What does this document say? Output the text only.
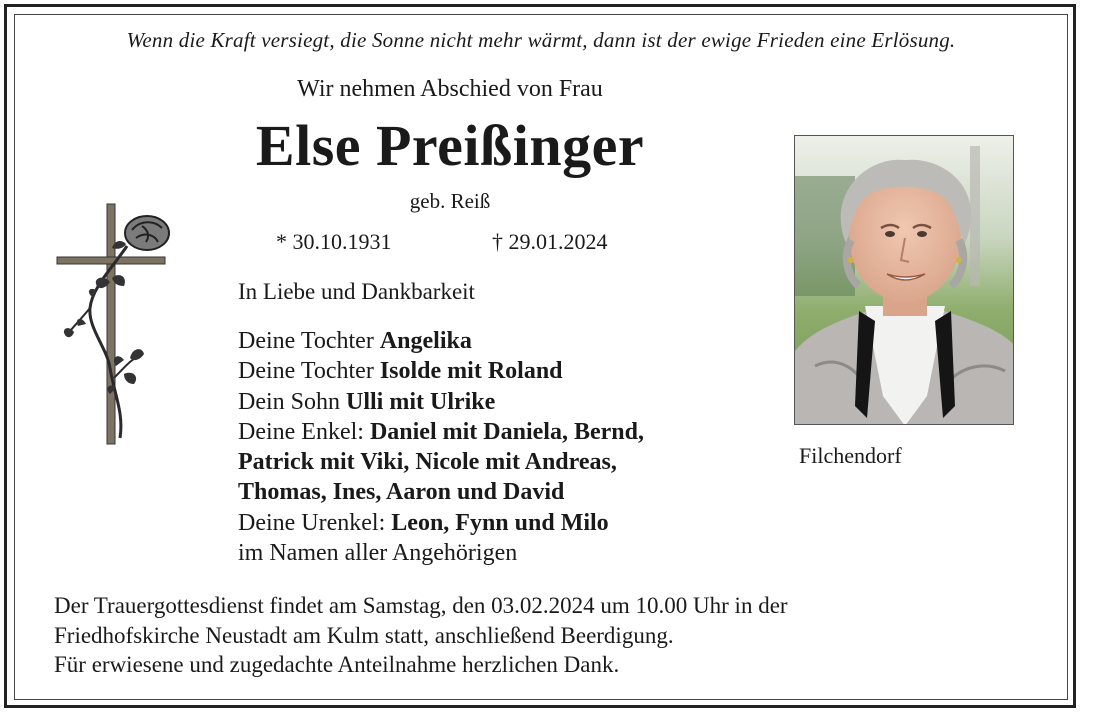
Wenn die Kraft versiegt, die Sonne nicht mehr wärmt, dann ist der ewige Frieden eine Erlösung.
Wir nehmen Abschied von Frau
Else Preißinger
geb. Reiß
* 30.10.1931	† 29.01.2024
In Liebe und Dankbarkeit
Deine Tochter Angelika
Deine Tochter Isolde mit Roland
Dein Sohn Ulli mit Ulrike
Deine Enkel: Daniel mit Daniela, Bernd,
Patrick mit Viki, Nicole mit Andreas,
Thomas, Ines, Aaron und David
Deine Urenkel: Leon, Fynn und Milo
im Namen aller Angehörigen
Der Trauergottesdienst findet am Samstag, den 03.02.2024 um 10.00 Uhr in der
Friedhofskirche Neustadt am Kulm statt, anschließend Beerdigung.
Für erwiesene und zugedachte Anteilnahme herzlichen Dank.
Filchendorf
